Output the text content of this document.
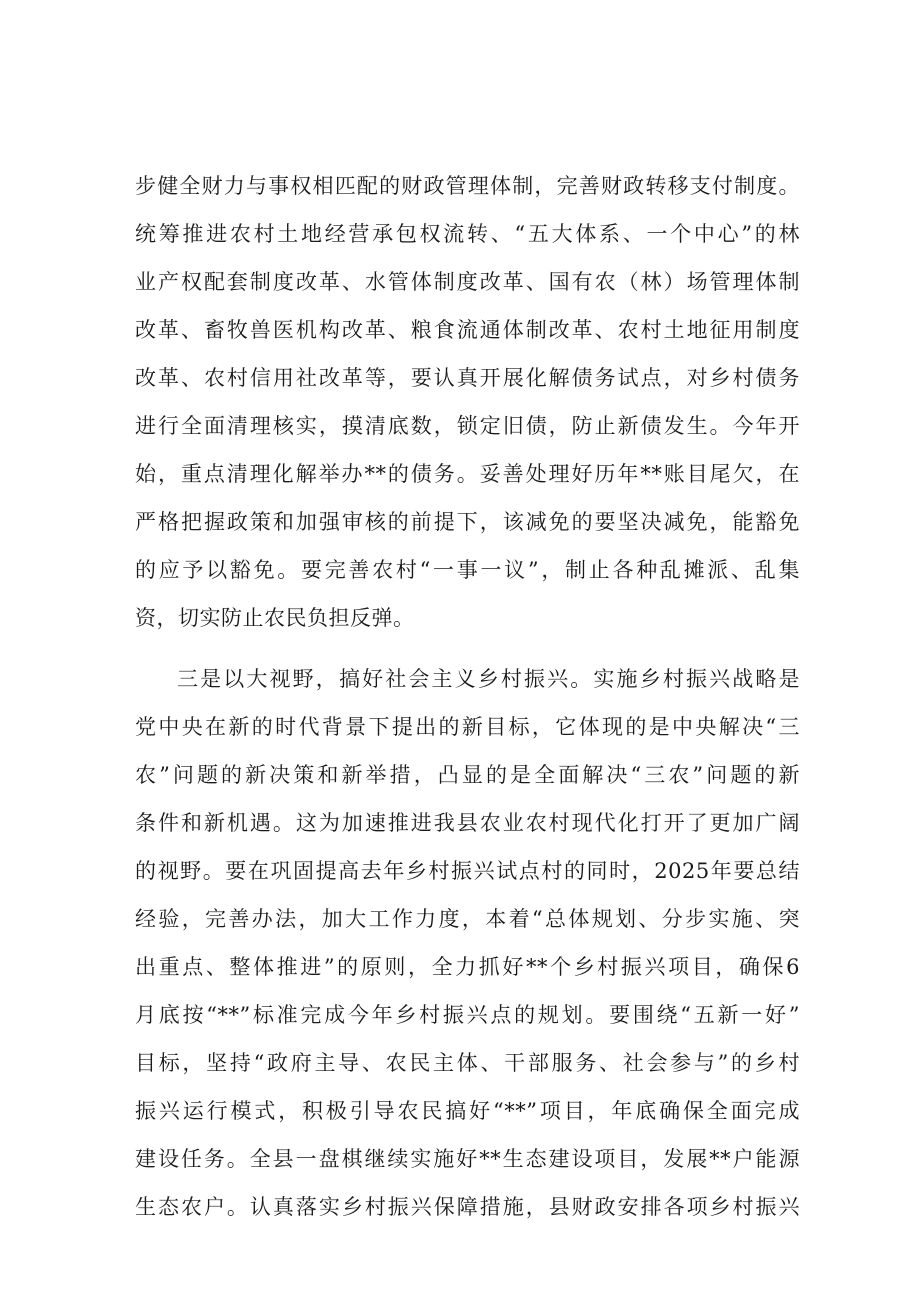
步健全财力与事权相匹配的财政管理体制，完善财政转移支付制度。
统筹推进农村土地经营承包权流转、“五大体系、一个中心”的林
业产权配套制度改革、水管体制度改革、国有农（林）场管理体制
改革、畜牧兽医机构改革、粮食流通体制改革、农村土地征用制度
改革、农村信用社改革等，要认真开展化解债务试点，对乡村债务
进行全面清理核实，摸清底数，锁定旧债，防止新债发生。今年开
始，重点清理化解举办**的债务。妥善处理好历年**账目尾欠，在
严格把握政策和加强审核的前提下，该减免的要坚决减免，能豁免
的应予以豁免。要完善农村“一事一议”，制止各种乱摊派、乱集
资，切实防止农民负担反弹。
三是以大视野，搞好社会主义乡村振兴。实施乡村振兴战略是
党中央在新的时代背景下提出的新目标，它体现的是中央解决“三
农”问题的新决策和新举措，凸显的是全面解决“三农”问题的新
条件和新机遇。这为加速推进我县农业农村现代化打开了更加广阔
的视野。要在巩固提高去年乡村振兴试点村的同时，2025年要总结
经验，完善办法，加大工作力度，本着“总体规划、分步实施、突
出重点、整体推进”的原则，全力抓好**个乡村振兴项目，确保6
月底按“**”标准完成今年乡村振兴点的规划。要围绕“五新一好”
目标，坚持“政府主导、农民主体、干部服务、社会参与”的乡村
振兴运行模式，积极引导农民搞好“**”项目，年底确保全面完成
建设任务。全县一盘棋继续实施好**生态建设项目，发展**户能源
生态农户。认真落实乡村振兴保障措施，县财政安排各项乡村振兴
